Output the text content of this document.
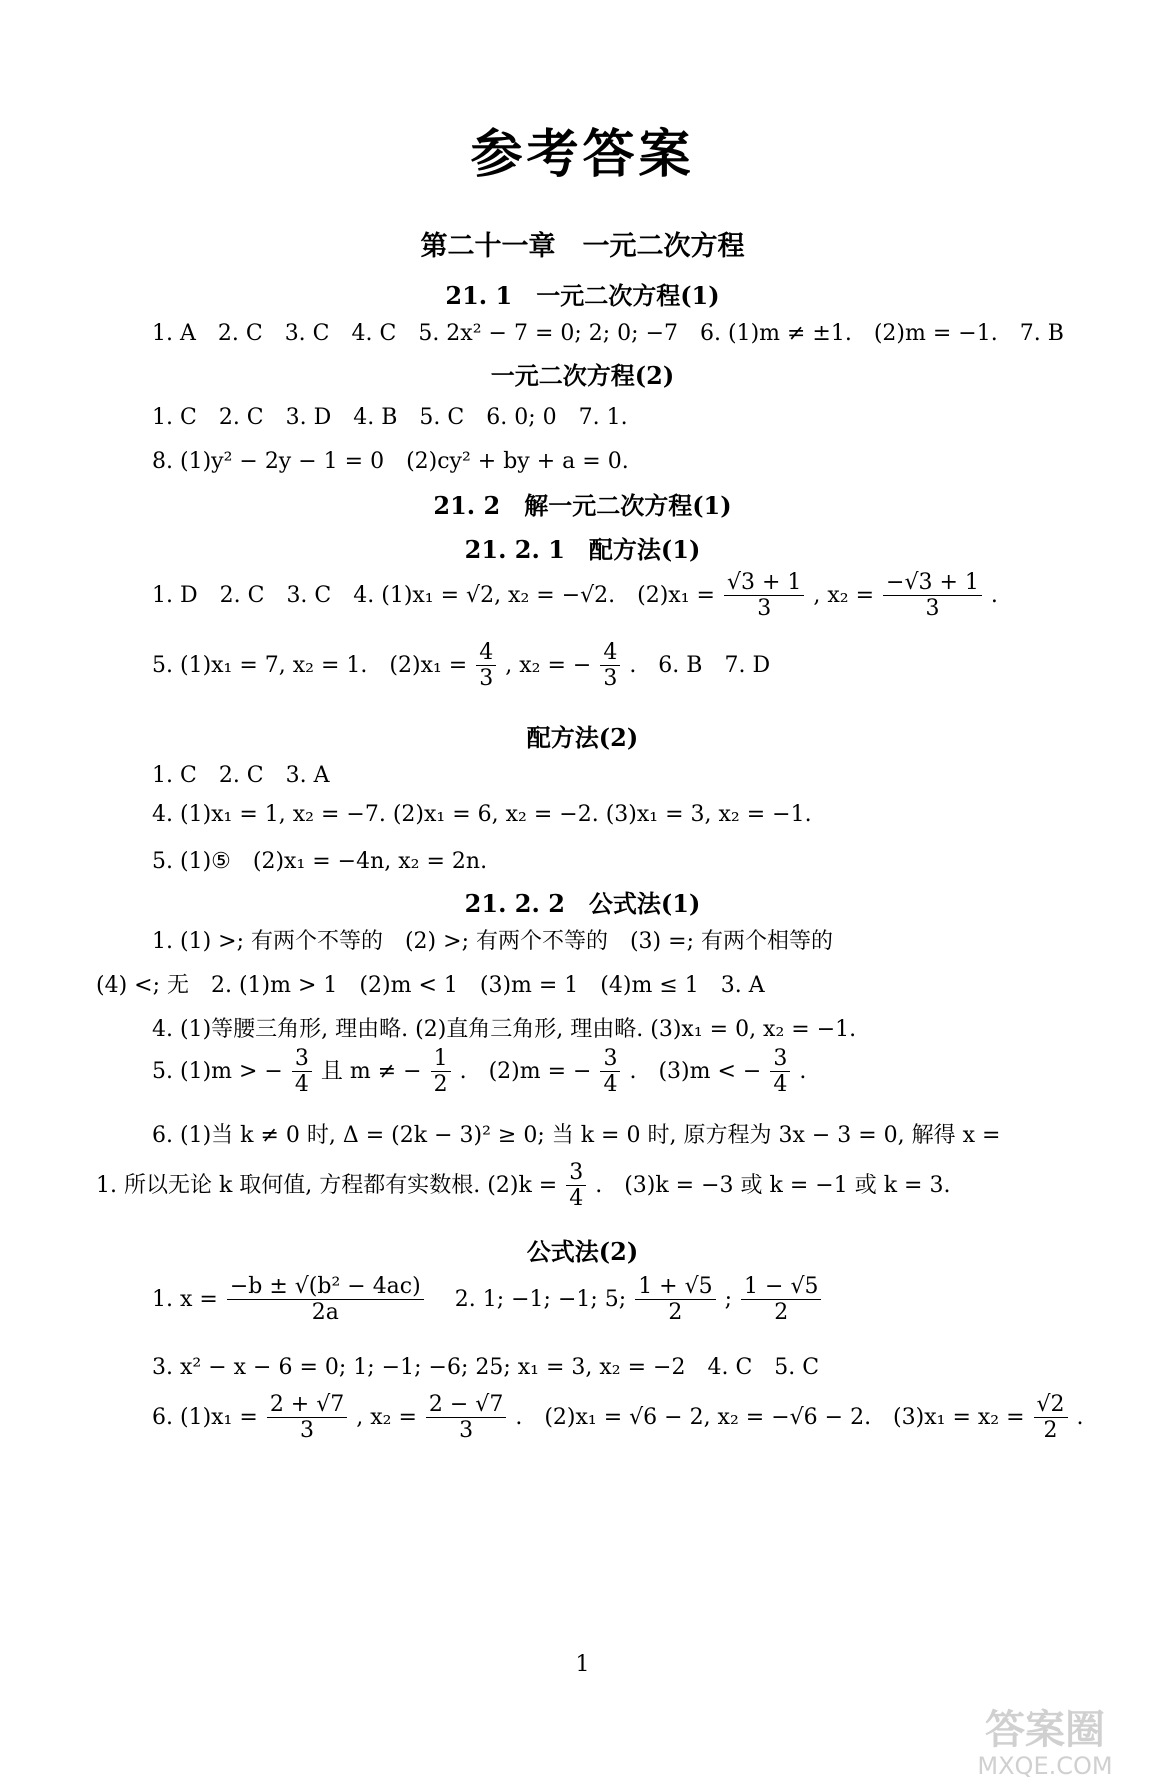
参考答案
第二十一章　一元二次方程
21. 1　一元二次方程(1)
1. A　2. C　3. C　4. C　5. 2x² − 7 = 0; 2; 0; −7　6. (1)m ≠ ±1.　(2)m = −1.　7. B
一元二次方程(2)
1. C　2. C　3. D　4. B　5. C　6. 0; 0　7. 1.
8. (1)y² − 2y − 1 = 0　(2)cy² + by + a = 0.
21. 2　解一元二次方程(1)
21. 2. 1　配方法(1)
1. D　2. C　3. C　4. (1)x₁ = √2, x₂ = −√2.　$(2)x_1 = \frac{√3 + 1}{3}$ , $x_2 = \frac{-√3 + 1}{3}$ .
5. (1)x₁ = 7, x₂ = 1.　$(2)x_1 = \frac{4}{3}$ , x₂ = − $\frac{4}{3}$ .　6. B　7. D
配方法(2)
1. C　2. C　3. A
4. (1)x₁ = 1, x₂ = −7. (2)x₁ = 6, x₂ = −2. (3)x₁ = 3, x₂ = −1.
5. (1)⑤　(2)x₁ = −4n, x₂ = 2n.
21. 2. 2　公式法(1)
1. (1) >; 有两个不等的　(2) >; 有两个不等的　(3) =; 有两个相等的
(4) <; 无　2. (1)m > 1　(2)m < 1　(3)m = 1　(4)m ≤ 1　3. A
4. (1)等腰三角形, 理由略. (2)直角三角形, 理由略. (3)x₁ = 0, x₂ = −1.
5. (1)m > − $\frac{3}{4}$ 且 m ≠ − $\frac{1}{2}$ .　(2)m = − $\frac{3}{4}$ .　(3)m < − $\frac{3}{4}$ .
6. (1)当 k ≠ 0 时, Δ = (2k − 3)² ≥ 0; 当 k = 0 时, 原方程为 3x − 3 = 0, 解得 x =
1. 所以无论 k 取何值, 方程都有实数根. $(2)k = \frac{3}{4}$ .　(3)k = −3 或 k = −1 或 k = 3.
公式法(2)
1. $x = \frac{\text{−b ± √(b² − 4ac)}}{2a}$ 　2. 1; −1; −1; 5; $\frac{1 + √5}{2}$ ; $\frac{1 - √5}{2}$
3. x² − x − 6 = 0; 1; −1; −6; 25; x₁ = 3, x₂ = −2　4. C　5. C
6. $(1)x_1 = \frac{2 + √7}{3}$ , $x_2 = \frac{2 - √7}{3}$ .　(2)x₁ = √6 − 2, x₂ = −√6 − 2.　$(3)x_1 = x_2 = \frac{√2}{2}$ .
1
答案圈
MXQE.COM
